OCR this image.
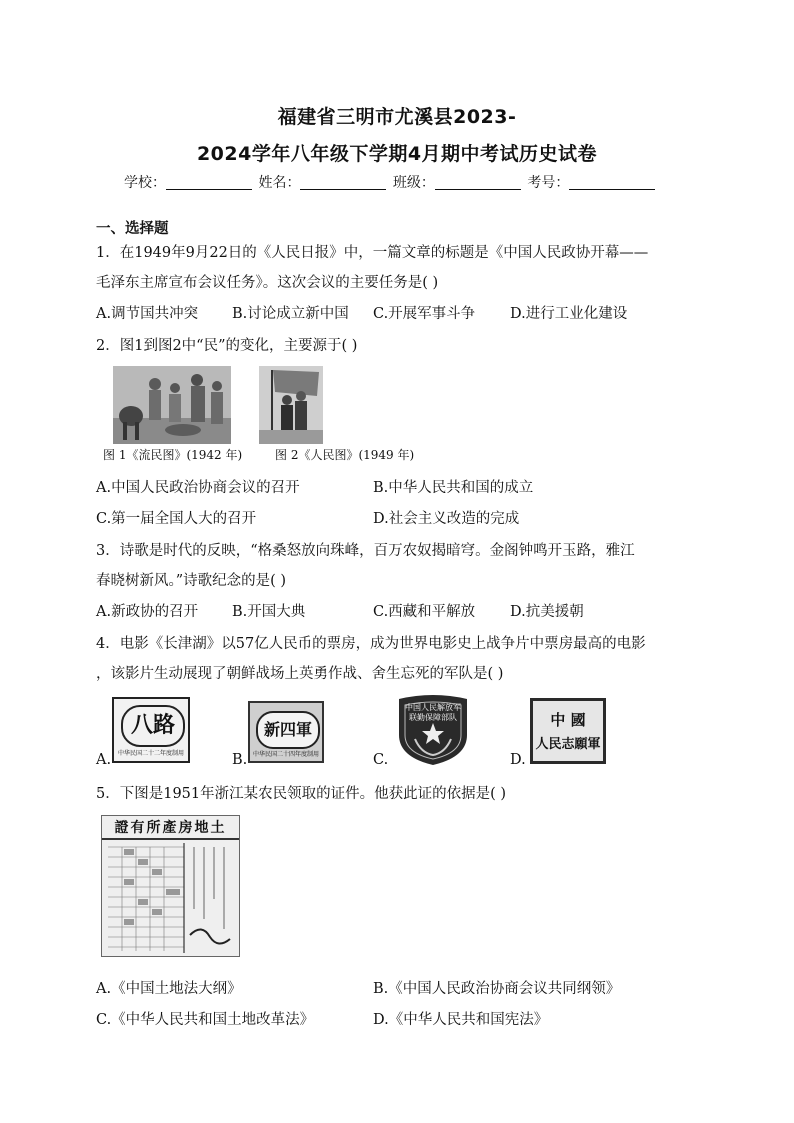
福建省三明市尤溪县2023-
2024学年八年级下学期4月期中考试历史试卷
学校：	姓名：	班级：	考号：
一、选择题
1．在1949年9月22日的《人民日报》中，一篇文章的标题是《中国人民政协开幕——
毛泽东主席宣布会议任务》。这次会议的主要任务是( )
A.调节国共冲突 B.讨论成立新中国 C.开展军事斗争 D.进行工业化建设
2．图1到图2中“民”的变化，主要源于( )
图 1《流民图》(1942 年)	图 2《人民图》(1949 年)
A.中国人民政治协商会议的召开	B.中华人民共和国的成立
C.第一届全国人大的召开	D.社会主义改造的完成
3．诗歌是时代的反映，“格桑怒放向珠峰，百万农奴揭暗穹。金阁钟鸣开玉路，雅江
春晓树新风。”诗歌纪念的是( )
A.新政协的召开 B.开国大典	C.西藏和平解放 D.抗美援朝
4．电影《长津湖》以57亿人民币的票房，成为世界电影史上战争片中票房最高的电影
，该影片生动展现了朝鲜战场上英勇作战、舍生忘死的军队是( )
A.
八路
中华民国二十二年度制用	B.
新四軍
中华民国二十四年度制用	C.
中国人民解放军
联勤保障部队
D.
中 國
人民志願軍
5．下图是1951年浙江某农民领取的证件。他获此证的依据是( )
土地房產所有證
A.《中国土地法大纲》	B.《中国人民政治协商会议共同纲领》
C.《中华人民共和国土地改革法》	D.《中华人民共和国宪法》
